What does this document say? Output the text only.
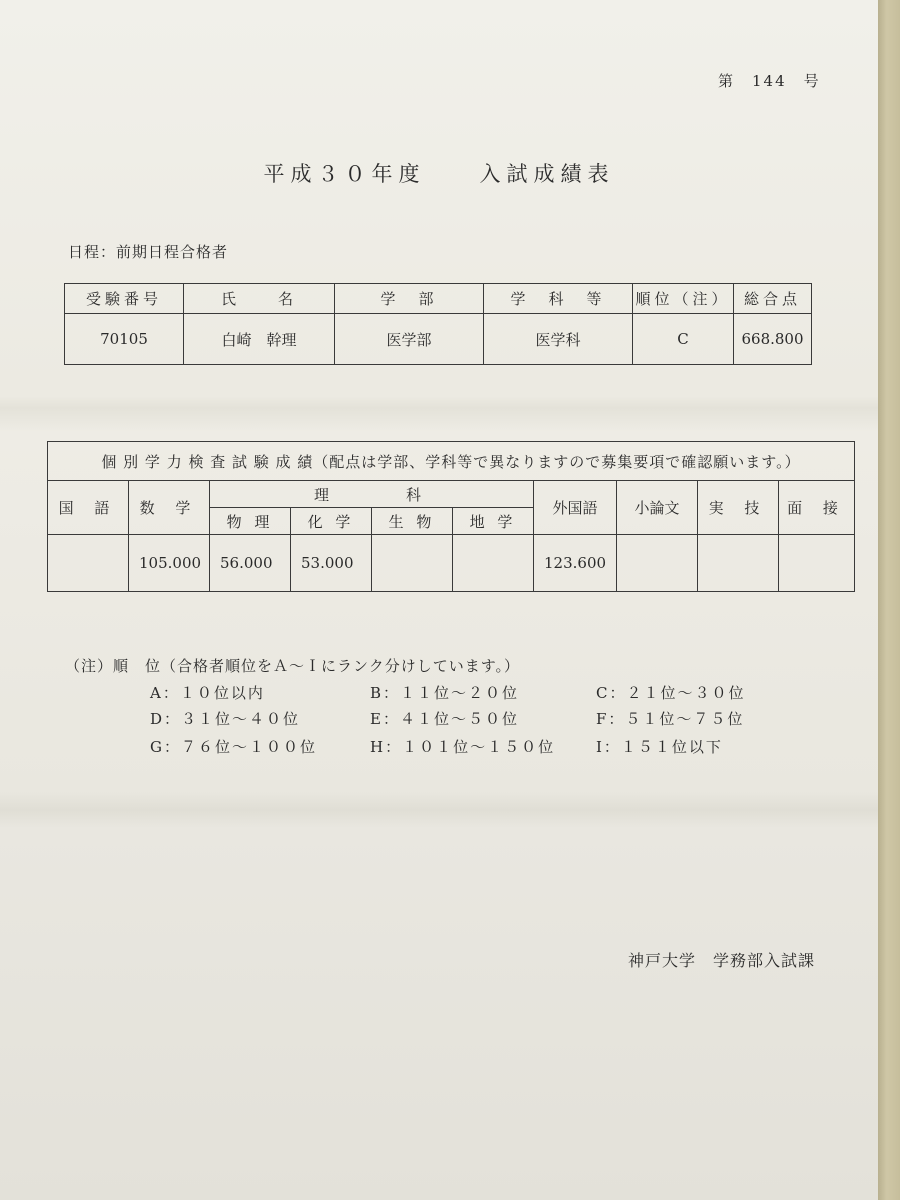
第　144　号
平成３０年度　　入試成績表
日程：前期日程合格者
受験番号	氏　　名	学　部	学　科　等	順位（注）	総合点
70105	白崎　幹理	医学部	医学科	C	668.800
個 別 学 力 検 査 試 験 成 績（配点は学部、学科等で異なりますので募集要項で確認願います。）									
国 語	数 学	理　　　科				外国語	小論文	実 技	面 接
		物 理	化 学	生 物	地 学				
	105.000	56.000	53.000			123.600			
（注）順　位（合格者順位をＡ～Ｉにランク分けしています。）
A：１０位以内	B：１１位～２０位	C：２１位～３０位
D：３１位～４０位	E：４１位～５０位	F：５１位～７５位
G：７６位～１００位	H：１０１位～１５０位	I：１５１位以下
神戸大学　学務部入試課
